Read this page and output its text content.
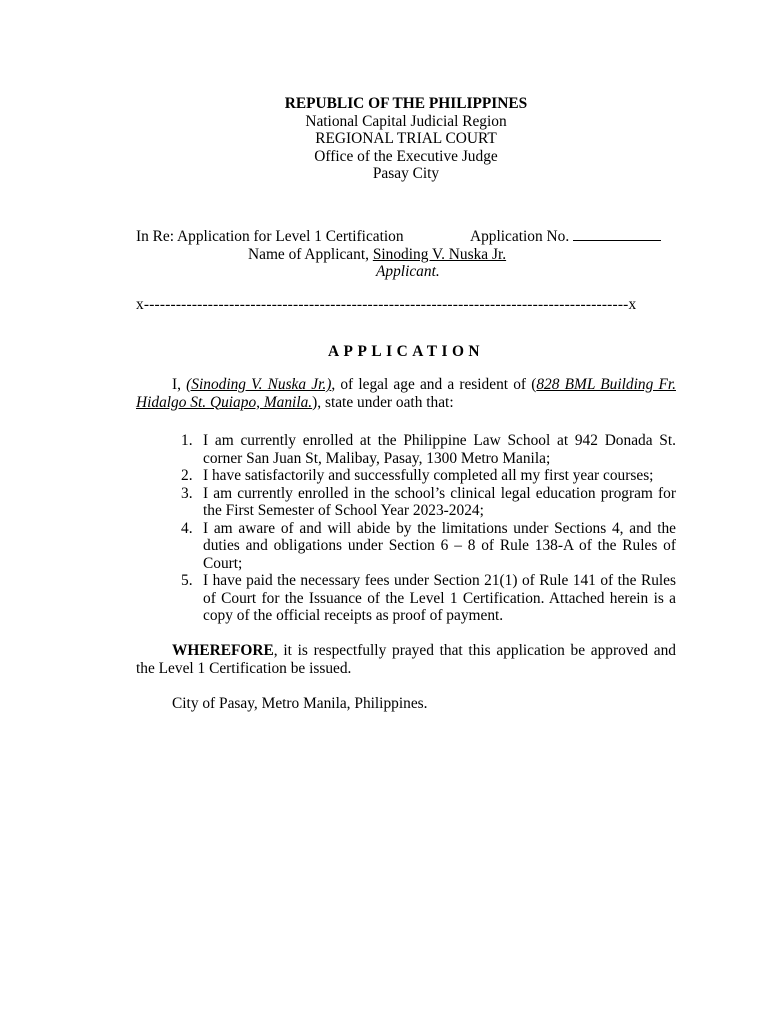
REPUBLIC OF THE PHILIPPINES
National Capital Judicial Region
REGIONAL TRIAL COURT
Office of the Executive Judge
Pasay City
In Re: Application for Level 1 Certification	Application No.
Name of Applicant, Sinoding V. Nuska Jr.
Applicant.
x-------------------------------------------------------------------------------------------x
APPLICATION

I, (Sinoding V. Nuska Jr.), of legal age and a resident of (828 BML Building Fr. Hidalgo St. Quiapo, Manila.), state under oath that:

1. I am currently enrolled at the Philippine Law School at 942 Donada St. corner San Juan St, Malibay, Pasay, 1300 Metro Manila;
2. I have satisfactorily and successfully completed all my first year courses;
3. I am currently enrolled in the school’s clinical legal education program for the First Semester of School Year 2023-2024;
4. I am aware of and will abide by the limitations under Sections 4, and the duties and obligations under Section 6 – 8 of Rule 138-A of the Rules of Court;
5. I have paid the necessary fees under Section 21(1) of Rule 141 of the Rules of Court for the Issuance of the Level 1 Certification. Attached herein is a copy of the official receipts as proof of payment.

WHEREFORE, it is respectfully prayed that this application be approved and the Level 1 Certification be issued.

City of Pasay, Metro Manila, Philippines.
